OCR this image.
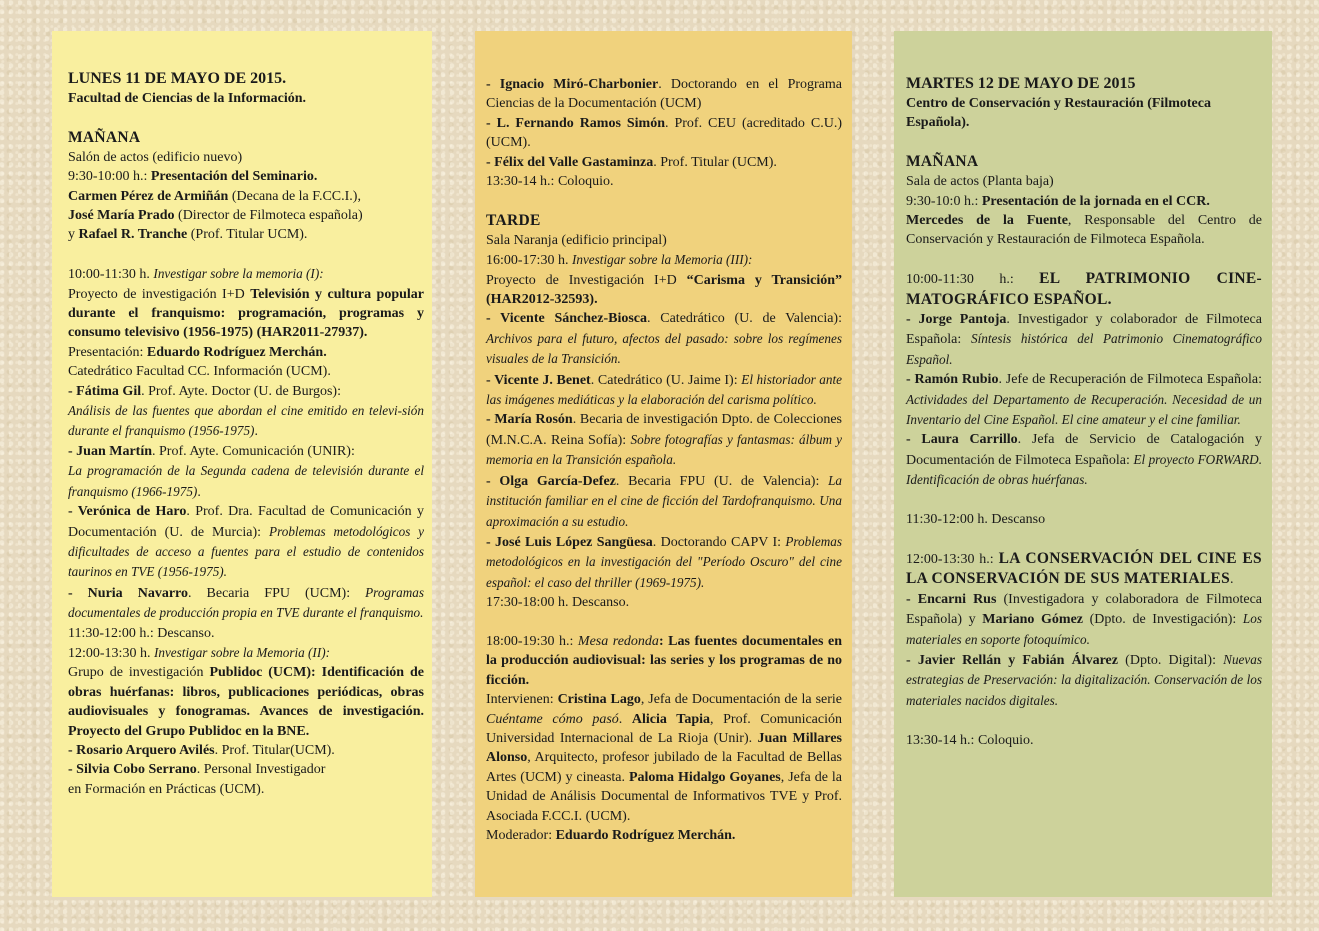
LUNES 11 DE MAYO DE 2015.
Facultad de Ciencias de la Información.
MAÑANA
Salón de actos (edificio nuevo)
9:30-10:00 h.: Presentación del Seminario.
Carmen Pérez de Armiñán (Decana de la F.CC.I.),
José María Prado (Director de Filmoteca española)
y Rafael R. Tranche (Prof. Titular UCM).
10:00-11:30 h. Investigar sobre la memoria (I):
Proyecto de investigación I+D Televisión y cultura popular durante el franquismo: programación, programas y consumo televisivo (1956-1975) (HAR2011-27937).
Presentación: Eduardo Rodríguez Merchán.
Catedrático Facultad CC. Información (UCM).
- Fátima Gil. Prof. Ayte. Doctor (U. de Burgos):
Análisis de las fuentes que abordan el cine emitido en televi-sión durante el franquismo (1956-1975).
- Juan Martín. Prof. Ayte. Comunicación (UNIR):
La programación de la Segunda cadena de televisión durante el franquismo (1966-1975).
- Verónica de Haro. Prof. Dra. Facultad de Comunicación y Documentación (U. de Murcia): Problemas metodológicos y dificultades de acceso a fuentes para el estudio de contenidos taurinos en TVE (1956-1975).
- Nuria Navarro. Becaria FPU (UCM): Programas documentales de producción propia en TVE durante el franquismo.
11:30-12:00 h.: Descanso.
12:00-13:30 h. Investigar sobre la Memoria (II):
Grupo de investigación Publidoc (UCM): Identificación de obras huérfanas: libros, publicaciones periódicas, obras audiovisuales y fonogramas. Avances de investigación. Proyecto del Grupo Publidoc en la BNE.
- Rosario Arquero Avilés. Prof. Titular(UCM).
- Silvia Cobo Serrano. Personal Investigador
en Formación en Prácticas (UCM).
- Ignacio Miró-Charbonier. Doctorando en el Programa Ciencias de la Documentación (UCM)
- L. Fernando Ramos Simón. Prof. CEU (acreditado C.U.) (UCM).
- Félix del Valle Gastaminza. Prof. Titular (UCM).
13:30-14 h.: Coloquio.
TARDE
Sala Naranja (edificio principal)
16:00-17:30 h. Investigar sobre la Memoria (III):
Proyecto de Investigación I+D “Carisma y Transición” (HAR2012-32593).
- Vicente Sánchez-Biosca. Catedrático (U. de Valencia): Archivos para el futuro, afectos del pasado: sobre los regímenes visuales de la Transición.
- Vicente J. Benet. Catedrático (U. Jaime I): El historiador ante las imágenes mediáticas y la elaboración del carisma político.
- María Rosón. Becaria de investigación Dpto. de Colecciones (M.N.C.A. Reina Sofía): Sobre fotografías y fantasmas: álbum y memoria en la Transición española.
- Olga García-Defez. Becaria FPU (U. de Valencia): La institución familiar en el cine de ficción del Tardofranquismo. Una aproximación a su estudio.
- José Luis López Sangüesa. Doctorando CAPV I: Problemas metodológicos en la investigación del "Período Oscuro" del cine español: el caso del thriller (1969-1975).
17:30-18:00 h. Descanso.
18:00-19:30 h.: Mesa redonda: Las fuentes documentales en la producción audiovisual: las series y los programas de no ficción.
Intervienen: Cristina Lago, Jefa de Documentación de la serie Cuéntame cómo pasó. Alicia Tapia, Prof. Comunicación Universidad Internacional de La Rioja (Unir). Juan Millares Alonso, Arquitecto, profesor jubilado de la Facultad de Bellas Artes (UCM) y cineasta. Paloma Hidalgo Goyanes, Jefa de la Unidad de Análisis Documental de Informativos TVE y Prof. Asociada F.CC.I. (UCM).
Moderador: Eduardo Rodríguez Merchán.
MARTES 12 DE MAYO DE 2015
Centro de Conservación y Restauración (Filmoteca Española).
MAÑANA
Sala de actos (Planta baja)
9:30-10:0 h.: Presentación de la jornada en el CCR.
Mercedes de la Fuente, Responsable del Centro de Conservación y Restauración de Filmoteca Española.
10:00-11:30 h.: EL PATRIMONIO CINE-MATOGRÁFICO ESPAÑOL.
- Jorge Pantoja. Investigador y colaborador de Filmoteca Española: Síntesis histórica del Patrimonio Cinematográfico Español.
- Ramón Rubio. Jefe de Recuperación de Filmoteca Española: Actividades del Departamento de Recuperación. Necesidad de un Inventario del Cine Español. El cine amateur y el cine familiar.
- Laura Carrillo. Jefa de Servicio de Catalogación y Documentación de Filmoteca Española: El proyecto FORWARD. Identificación de obras huérfanas.
11:30-12:00 h. Descanso
12:00-13:30 h.: LA CONSERVACIÓN DEL CINE ES LA CONSERVACIÓN DE SUS MATERIALES.
- Encarni Rus (Investigadora y colaboradora de Filmoteca Española) y Mariano Gómez (Dpto. de Investigación): Los materiales en soporte fotoquímico.
- Javier Rellán y Fabián Álvarez (Dpto. Digital): Nuevas estrategias de Preservación: la digitalización. Conservación de los materiales nacidos digitales.
13:30-14 h.: Coloquio.
